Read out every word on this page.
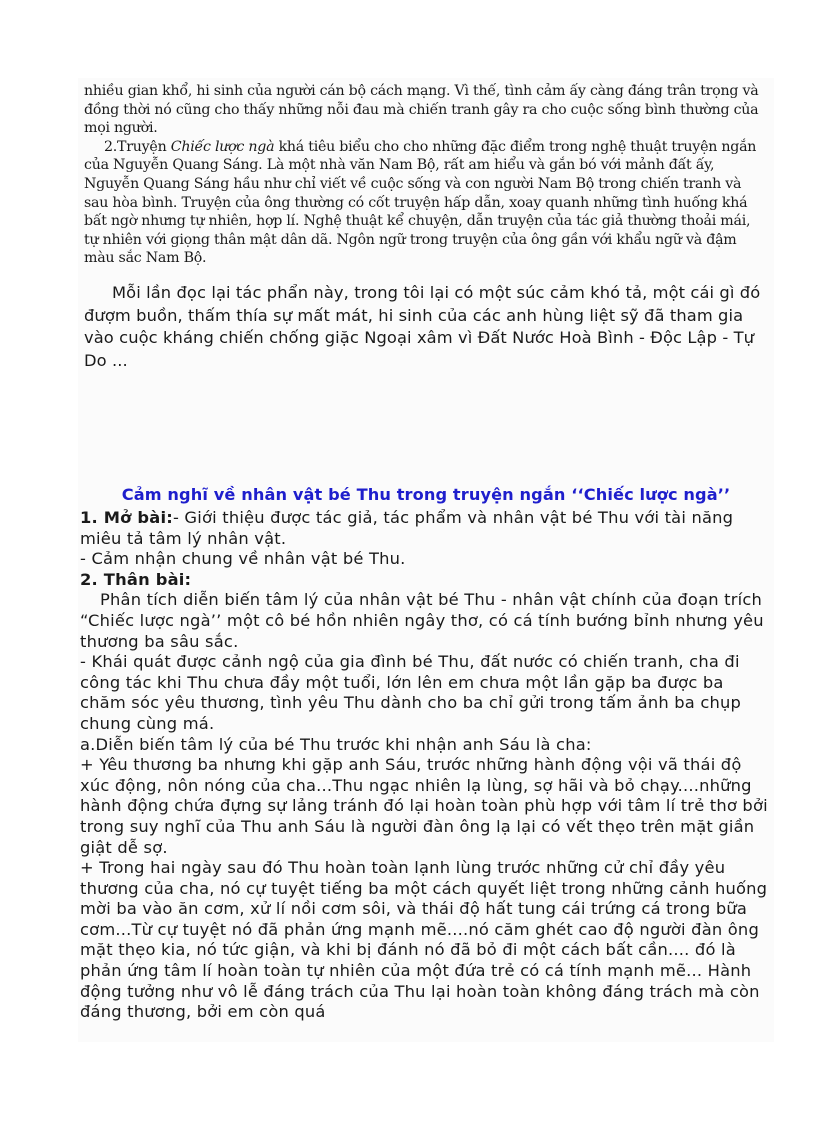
nhiều gian khổ, hi sinh của người cán bộ cách mạng. Vì thế, tình cảm ấy càng đáng trân trọng và đồng thời nó cũng cho thấy những nỗi đau mà chiến tranh gây ra cho cuộc sống bình thường của mọi người.

2.Truyện Chiếc lược ngà khá tiêu biểu cho cho những đặc điểm trong nghệ thuật truyện ngắn của Nguyễn Quang Sáng. Là một nhà văn Nam Bộ, rất am hiểu và gắn bó với mảnh đất ấy, Nguyễn Quang Sáng hầu như chỉ viết về cuộc sống và con người Nam Bộ trong chiến tranh và sau hòa bình. Truyện của ông thường có cốt truyện hấp dẫn, xoay quanh những tình huống khá bất ngờ nhưng tự nhiên, hợp lí. Nghệ thuật kể chuyện, dẫn truyện của tác giả thường thoải mái, tự nhiên với giọng thân mật dân dã. Ngôn ngữ trong truyện của ông gần với khẩu ngữ và đậm màu sắc Nam Bộ.

Mỗi lần đọc lại tác phẩn này, trong tôi lại có một súc cảm khó tả, một cái gì đó đượm buồn, thấm thía sự mất mát, hi sinh của các anh hùng liệt sỹ đã tham gia vào cuộc kháng chiến chống giặc Ngoại xâm vì Đất Nước Hoà Bình - Độc Lập - Tự Do ...

Cảm nghĩ về nhân vật bé Thu trong truyện ngắn ‘‘Chiếc lược ngà’’

1. Mở bài:- Giới thiệu được tác giả, tác phẩm và nhân vật bé Thu với tài năng miêu tả tâm lý nhân vật.

- Cảm nhận chung về nhân vật bé Thu.

2. Thân bài:

Phân tích diễn biến tâm lý của nhân vật bé Thu - nhân vật chính của đoạn trích “Chiếc lược ngà’’ một cô bé hồn nhiên ngây thơ, có cá tính bướng bỉnh nhưng yêu thương ba sâu sắc.

- Khái quát được cảnh ngộ của gia đình bé Thu, đất nước có chiến tranh, cha đi công tác khi Thu chưa đầy một tuổi, lớn lên em chưa một lần gặp ba được ba chăm sóc yêu thương, tình yêu Thu dành cho ba chỉ gửi trong tấm ảnh ba chụp chung cùng má.

a.Diễn biến tâm lý của bé Thu trước khi nhận anh Sáu là cha:

+ Yêu thương ba nhưng khi gặp anh Sáu, trước những hành động vội vã thái độ xúc động, nôn nóng của cha...Thu ngạc nhiên lạ lùng, sợ hãi và bỏ chạy....những hành động chứa đựng sự lảng tránh đó lại hoàn toàn phù hợp với tâm lí trẻ thơ bởi trong suy nghĩ của Thu anh Sáu là người đàn ông lạ lại có vết thẹo trên mặt giần giật dễ sợ.

+ Trong hai ngày sau đó Thu hoàn toàn lạnh lùng trước những cử chỉ đầy yêu thương của cha, nó cự tuyệt tiếng ba một cách quyết liệt trong những cảnh huống mời ba vào ăn cơm, xử lí nồi cơm sôi, và thái độ hất tung cái trứng cá trong bữa cơm...Từ cự tuyệt nó đã phản ứng mạnh mẽ....nó căm ghét cao độ người đàn ông mặt thẹo kia, nó tức giận, và khi bị đánh nó đã bỏ đi một cách bất cần.... đó là phản ứng tâm lí hoàn toàn tự nhiên của một đứa trẻ có cá tính mạnh mẽ... Hành động tưởng như vô lễ đáng trách của Thu lại hoàn toàn không đáng trách mà còn đáng thương, bởi em còn quá
